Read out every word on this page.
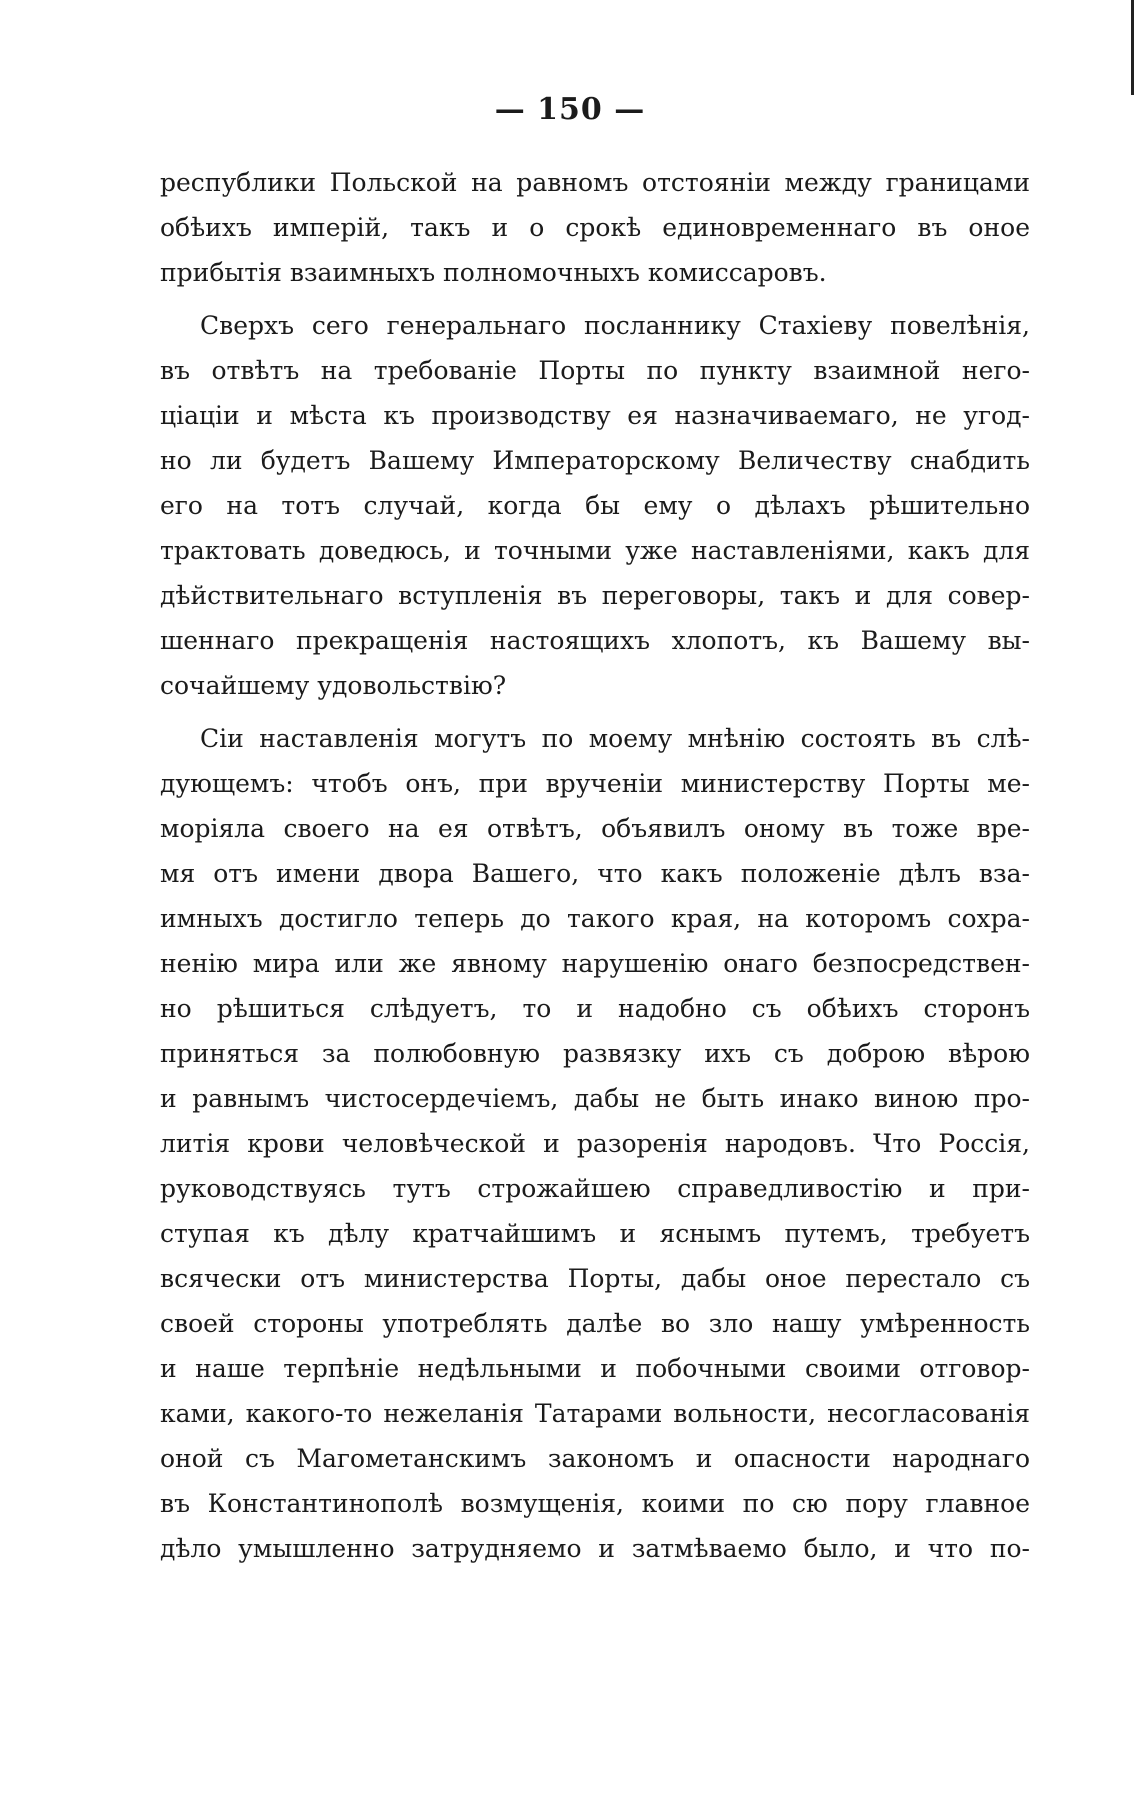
— 150 —
республики Польской на равномъ отстояніи между границами
обѣихъ имперій, такъ и о срокѣ единовременнаго въ оное
прибытія взаимныхъ полномочныхъ комиссаровъ.
Сверхъ сего генеральнаго посланнику Стахіеву повелѣнія,
въ отвѣтъ на требованіе Порты по пункту взаимной него-
ціаціи и мѣста къ производству ея назначиваемаго, не угод-
но ли будетъ Вашему Императорскому Величеству снабдить
его на тотъ случай, когда бы ему о дѣлахъ рѣшительно
трактовать доведюсь, и точными уже наставленіями, какъ для
дѣйствительнаго вступленія въ переговоры, такъ и для совер-
шеннаго прекращенія настоящихъ хлопотъ, къ Вашему вы-
сочайшему удовольствію?
Сіи наставленія могутъ по моему мнѣнію состоять въ слѣ-
дующемъ: чтобъ онъ, при врученіи министерству Порты ме-
моріяла своего на ея отвѣтъ, объявилъ оному въ тоже вре-
мя отъ имени двора Вашего, что какъ положеніе дѣлъ вза-
имныхъ достигло теперь до такого края, на которомъ сохра-
ненію мира или же явному нарушенію онаго безпосредствен-
но рѣшиться слѣдуетъ, то и надобно съ обѣихъ сторонъ
приняться за полюбовную развязку ихъ съ доброю вѣрою
и равнымъ чистосердечіемъ, дабы не быть инако виною про-
литія крови человѣческой и разоренія народовъ. Что Россія,
руководствуясь тутъ строжайшею справедливостію и при-
ступая къ дѣлу кратчайшимъ и яснымъ путемъ, требуетъ
всячески отъ министерства Порты, дабы оное перестало съ
своей стороны употреблять далѣе во зло нашу умѣренность
и наше терпѣніе недѣльными и побочными своими отговор-
ками, какого-то нежеланія Татарами вольности, несогласованія
оной съ Магометанскимъ закономъ и опасности народнаго
въ Константинополѣ возмущенія, коими по сю пору главное
дѣло умышленно затрудняемо и затмѣваемо было, и что по-
